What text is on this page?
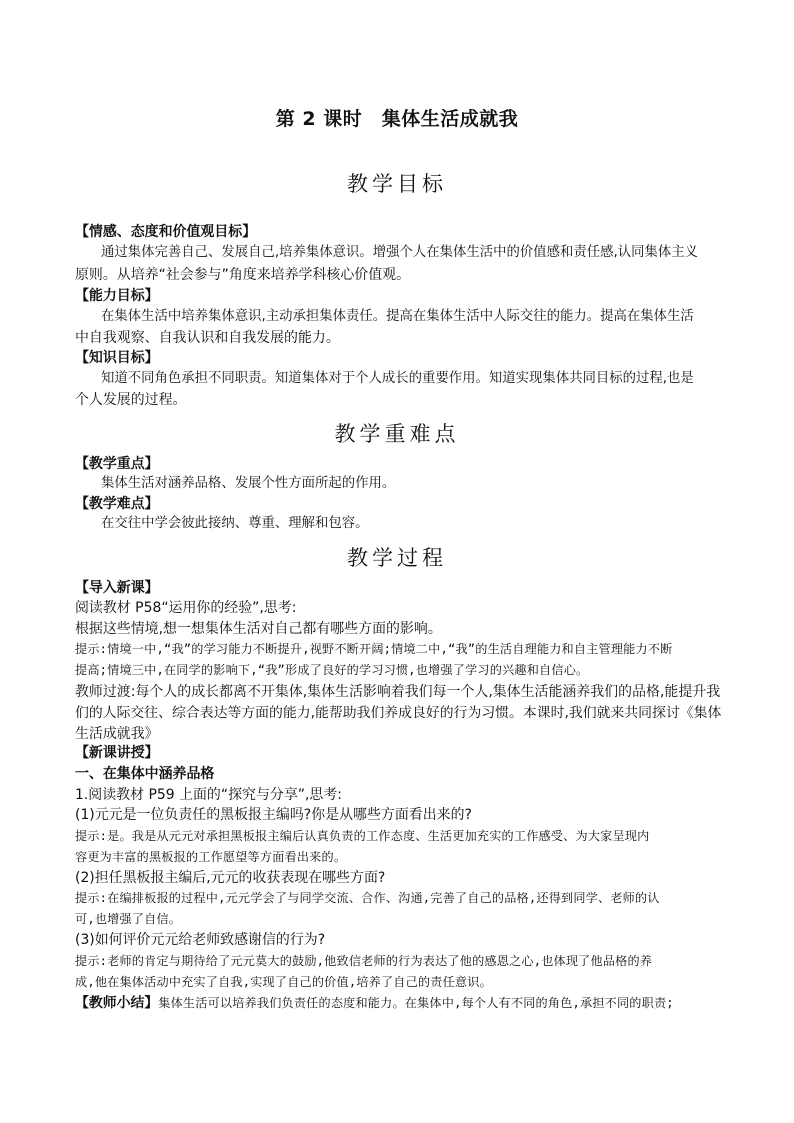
第 2 课时　集体生活成就我
教学目标
【情感、态度和价值观目标】
通过集体完善自己、发展自己,培养集体意识。增强个人在集体生活中的价值感和责任感,认同集体主义
原则。从培养“社会参与”角度来培养学科核心价值观。
【能力目标】
在集体生活中培养集体意识,主动承担集体责任。提高在集体生活中人际交往的能力。提高在集体生活
中自我观察、自我认识和自我发展的能力。
【知识目标】
知道不同角色承担不同职责。知道集体对于个人成长的重要作用。知道实现集体共同目标的过程,也是
个人发展的过程。
教学重难点
【教学重点】
集体生活对涵养品格、发展个性方面所起的作用。
【教学难点】
在交往中学会彼此接纳、尊重、理解和包容。
教学过程
【导入新课】
阅读教材 P58“运用你的经验”,思考:
根据这些情境,想一想集体生活对自己都有哪些方面的影响。
提示:情境一中,“我”的学习能力不断提升,视野不断开阔;情境二中,“我”的生活自理能力和自主管理能力不断
提高;情境三中,在同学的影响下,“我”形成了良好的学习习惯,也增强了学习的兴趣和自信心。
教师过渡:每个人的成长都离不开集体,集体生活影响着我们每一个人,集体生活能涵养我们的品格,能提升我
们的人际交往、综合表达等方面的能力,能帮助我们养成良好的行为习惯。本课时,我们就来共同探讨《集体
生活成就我》
【新课讲授】
一、在集体中涵养品格
1.阅读教材 P59 上面的“探究与分享”,思考:
(1)元元是一位负责任的黑板报主编吗?你是从哪些方面看出来的?
提示:是。我是从元元对承担黑板报主编后认真负责的工作态度、生活更加充实的工作感受、为大家呈现内
容更为丰富的黑板报的工作愿望等方面看出来的。
(2)担任黑板报主编后,元元的收获表现在哪些方面?
提示:在编排板报的过程中,元元学会了与同学交流、合作、沟通,完善了自己的品格,还得到同学、老师的认
可,也增强了自信。
(3)如何评价元元给老师致感谢信的行为?
提示:老师的肯定与期待给了元元莫大的鼓励,他致信老师的行为表达了他的感恩之心,也体现了他品格的养
成,他在集体活动中充实了自我,实现了自己的价值,培养了自己的责任意识。
【教师小结】集体生活可以培养我们负责任的态度和能力。在集体中,每个人有不同的角色,承担不同的职责;
